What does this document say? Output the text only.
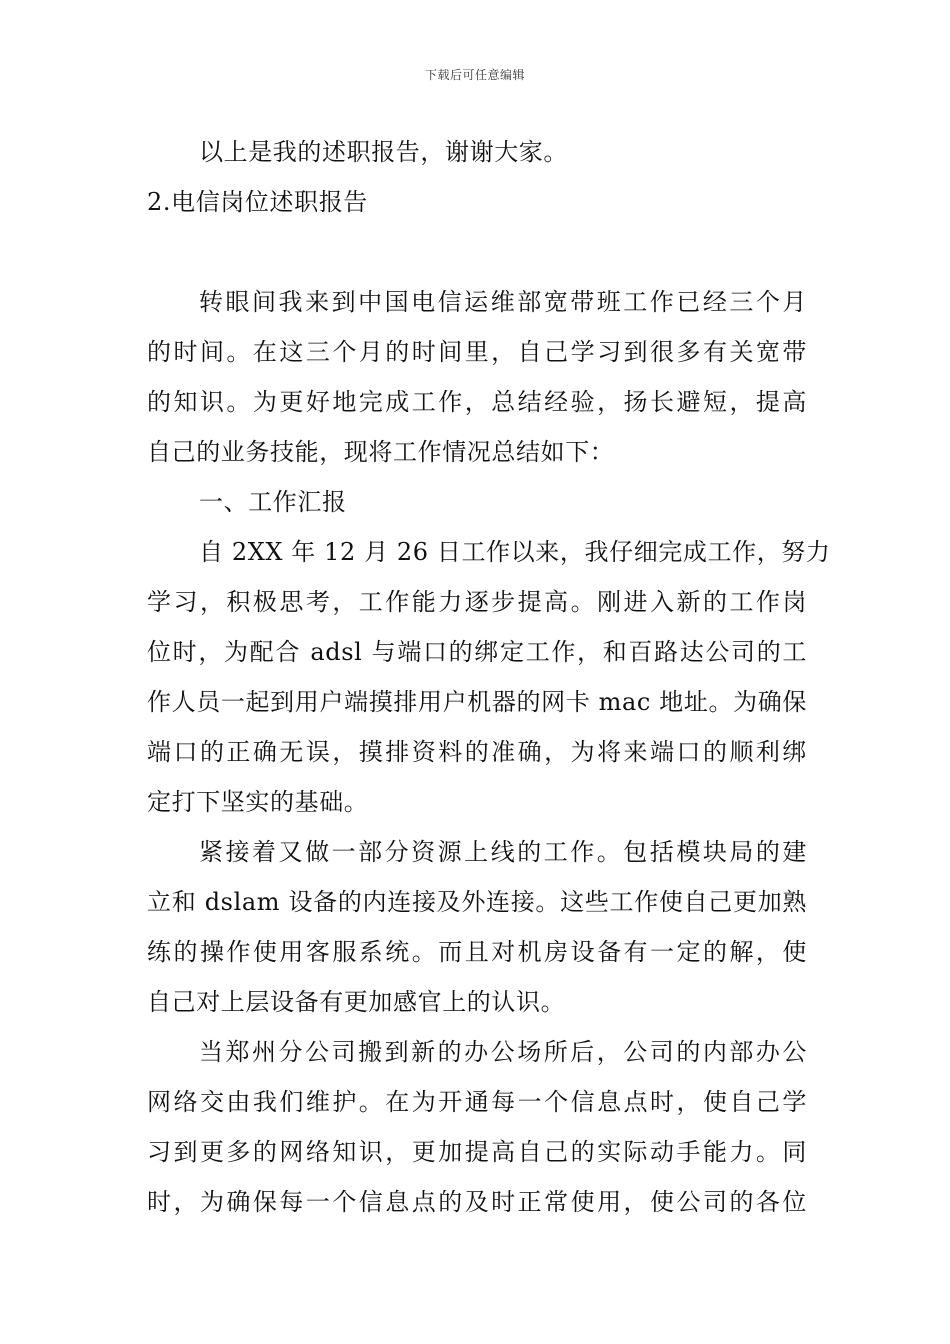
下载后可任意编辑
以上是我的述职报告，谢谢大家。
2.电信岗位述职报告
转眼间我来到中国电信运维部宽带班工作已经三个月
的时间。在这三个月的时间里，自己学习到很多有关宽带
的知识。为更好地完成工作，总结经验，扬长避短，提高
自己的业务技能，现将工作情况总结如下：
一、工作汇报
自 2XX 年 12 月 26 日工作以来，我仔细完成工作，努力
学习，积极思考，工作能力逐步提高。刚进入新的工作岗
位时，为配合 adsl 与端口的绑定工作，和百路达公司的工
作人员一起到用户端摸排用户机器的网卡 mac 地址。为确保
端口的正确无误，摸排资料的准确，为将来端口的顺利绑
定打下坚实的基础。
紧接着又做一部分资源上线的工作。包括模块局的建
立和 dslam 设备的内连接及外连接。这些工作使自己更加熟
练的操作使用客服系统。而且对机房设备有一定的解，使
自己对上层设备有更加感官上的认识。
当郑州分公司搬到新的办公场所后，公司的内部办公
网络交由我们维护。在为开通每一个信息点时，使自己学
习到更多的网络知识，更加提高自己的实际动手能力。同
时，为确保每一个信息点的及时正常使用，使公司的各位
